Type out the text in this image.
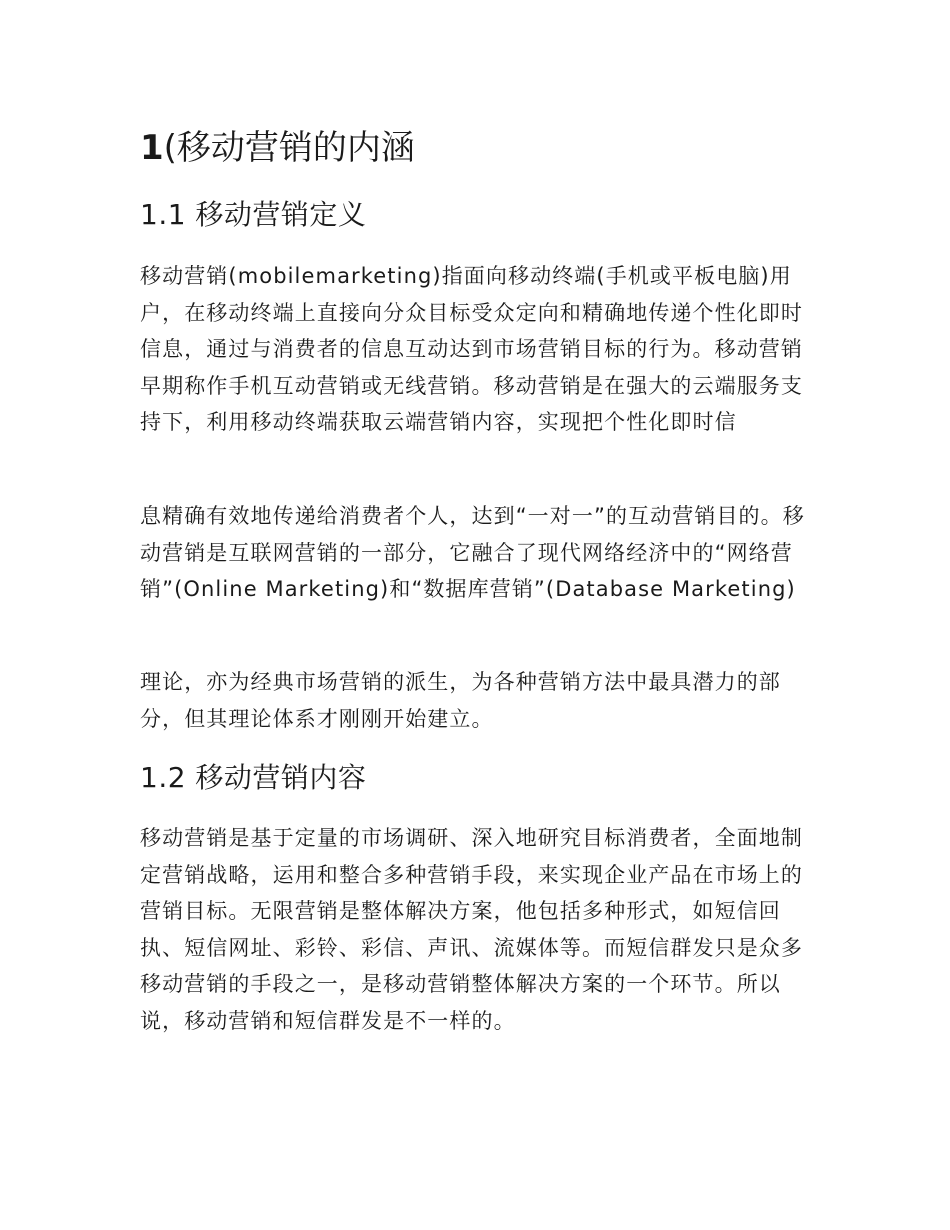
1(移动营销的内涵
1.1 移动营销定义
移动营销(mobilemarketing)指面向移动终端(手机或平板电脑)用户，在移动终端上直接向分众目标受众定向和精确地传递个性化即时信息，通过与消费者的信息互动达到市场营销目标的行为。移动营销早期称作手机互动营销或无线营销。移动营销是在强大的云端服务支持下，利用移动终端获取云端营销内容，实现把个性化即时信
息精确有效地传递给消费者个人，达到“一对一”的互动营销目的。移动营销是互联网营销的一部分，它融合了现代网络经济中的“网络营销”(Online Marketing)和“数据库营销”(Database Marketing)
理论，亦为经典市场营销的派生，为各种营销方法中最具潜力的部分，但其理论体系才刚刚开始建立。
1.2 移动营销内容
移动营销是基于定量的市场调研、深入地研究目标消费者，全面地制定营销战略，运用和整合多种营销手段，来实现企业产品在市场上的营销目标。无限营销是整体解决方案，他包括多种形式，如短信回执、短信网址、彩铃、彩信、声讯、流媒体等。而短信群发只是众多移动营销的手段之一，是移动营销整体解决方案的一个环节。所以说，移动营销和短信群发是不一样的。
